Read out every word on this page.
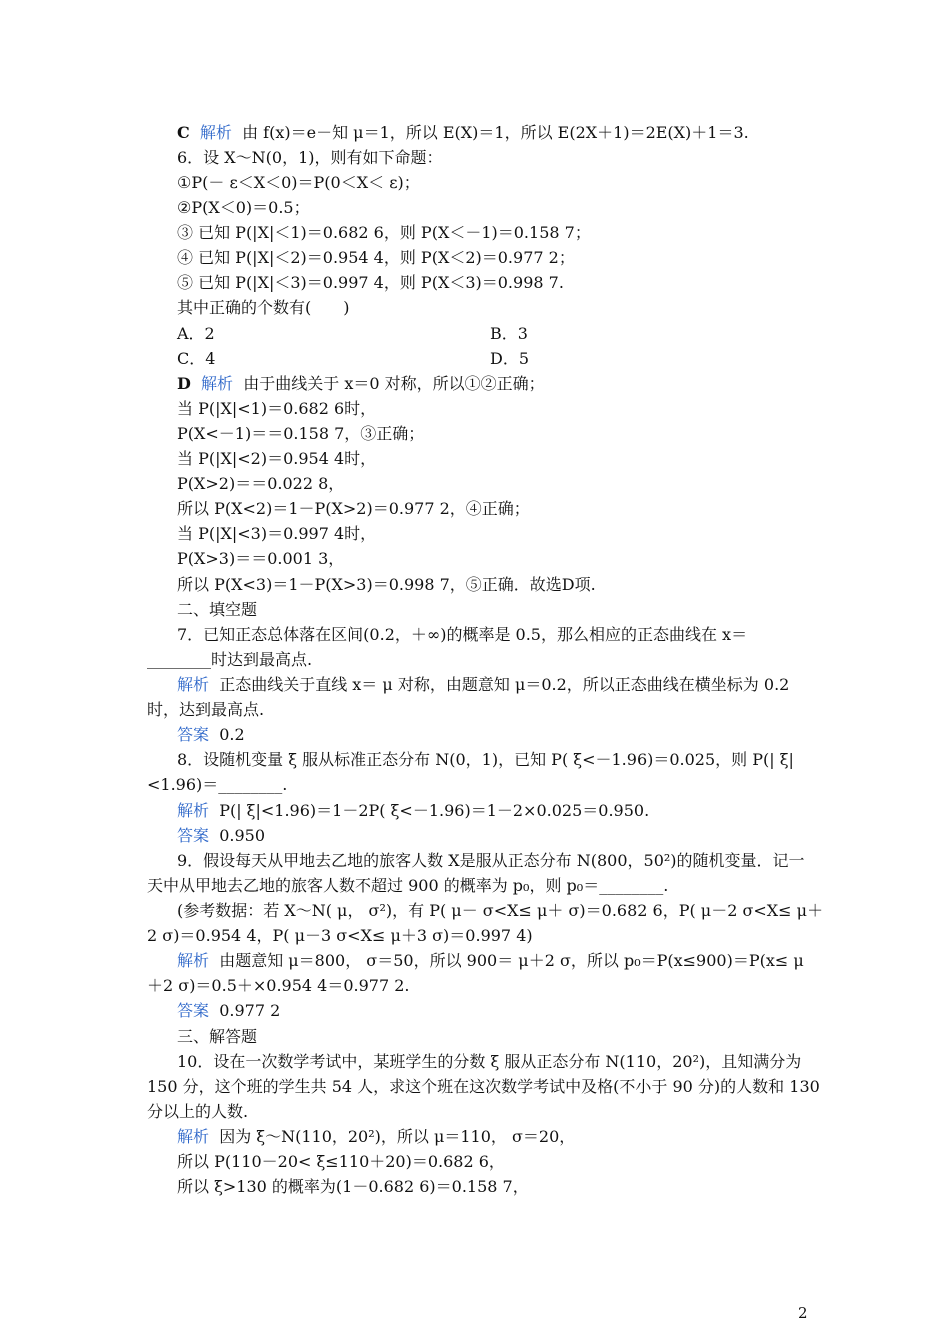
C 解析  由 f(x)＝e－知 μ＝1，所以 E(X)＝1，所以 E(2X＋1)＝2E(X)＋1＝3.
6．设 X～N(0，1)，则有如下命题：
①P(－ ε＜X＜0)＝P(0＜X＜ ε)；
②P(X＜0)＝0.5；
③ 已知 P(|X|＜1)＝0.682 6，则 P(X＜－1)＝0.158 7；
④ 已知 P(|X|＜2)＝0.954 4，则 P(X＜2)＝0.977 2；
⑤ 已知 P(|X|＜3)＝0.997 4，则 P(X＜3)＝0.998 7.
其中正确的个数有(　　)
A．2	B．3
C．4	D．5
D 解析  由于曲线关于 x＝0 对称，所以①②正确；
当 P(|X|<1)＝0.682 6时，
P(X<－1)＝＝0.158 7，③正确；
当 P(|X|<2)＝0.954 4时，
P(X>2)＝＝0.022 8，
所以 P(X<2)＝1－P(X>2)＝0.977 2，④正确；
当 P(|X|<3)＝0.997 4时，
P(X>3)＝＝0.001 3，
所以 P(X<3)＝1－P(X>3)＝0.998 7，⑤正确．故选D项.
二、填空题
7．已知正态总体落在区间(0.2，＋∞)的概率是 0.5，那么相应的正态曲线在 x＝
________时达到最高点.
解析  正态曲线关于直线 x＝ μ 对称，由题意知 μ＝0.2，所以正态曲线在横坐标为 0.2
时，达到最高点.
答案  0.2
8．设随机变量 ξ 服从标准正态分布 N(0，1)，已知 P( ξ<－1.96)＝0.025，则 P(| ξ|
<1.96)＝________.
解析  P(| ξ|<1.96)＝1－2P( ξ<－1.96)＝1－2×0.025＝0.950.
答案  0.950
9．假设每天从甲地去乙地的旅客人数 X是服从正态分布 N(800，50²)的随机变量．记一
天中从甲地去乙地的旅客人数不超过 900 的概率为 p₀，则 p₀＝________.
(参考数据：若 X～N( μ， σ²)，有 P( μ－ σ<X≤ μ＋ σ)＝0.682 6，P( μ－2 σ<X≤ μ＋
2 σ)＝0.954 4，P( μ－3 σ<X≤ μ＋3 σ)＝0.997 4)
解析  由题意知 μ＝800， σ＝50，所以 900＝ μ＋2 σ，所以 p₀＝P(x≤900)＝P(x≤ μ
＋2 σ)＝0.5＋×0.954 4＝0.977 2.
答案  0.977 2
三、解答题
10．设在一次数学考试中，某班学生的分数 ξ 服从正态分布 N(110，20²)，且知满分为
150 分，这个班的学生共 54 人，求这个班在这次数学考试中及格(不小于 90 分)的人数和 130
分以上的人数.
解析  因为 ξ～N(110，20²)，所以 μ＝110， σ＝20，
所以 P(110－20< ξ≤110＋20)＝0.682 6，
所以 ξ>130 的概率为(1－0.682 6)＝0.158 7，
2
